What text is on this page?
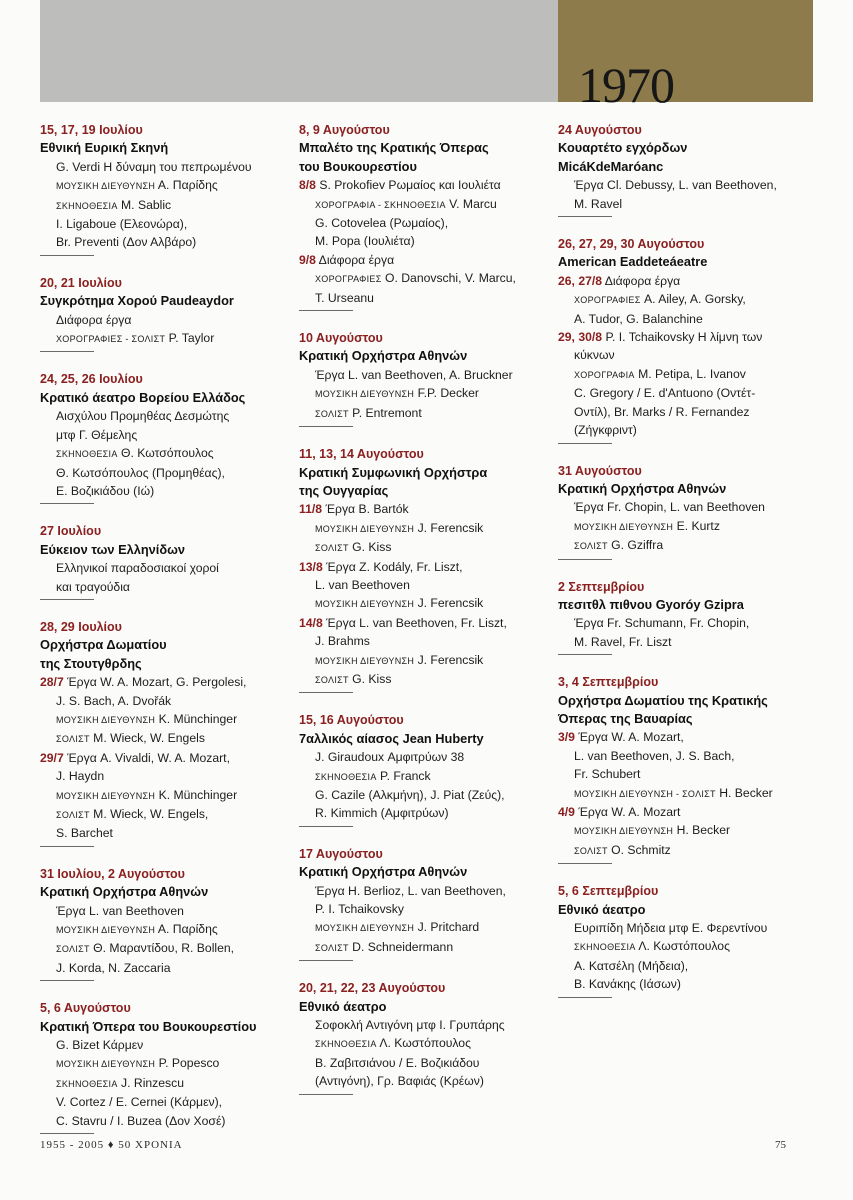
1970
15, 17, 19 Ιουλίου
Εθνική Ευρική Σκηνή
G. Verdi Η δύναμη του πεπρωμένου
ΜΟΥΣΙΚΗ ΔΙΕΥΘΥΝΣΗ Α. Παρίδης
ΣΚΗΝΟΘΕΣΙΑ M. Sablic
I. Ligaboue (Ελεονώρα),
Br. Preventi (Δον Αλβάρο)
20, 21 Ιουλίου
Συγκρότημα Χορού Paudeaydor
Διάφορα έργα
ΧΟΡΟΓΡΑΦΙΕΣ - ΣΟΛΙΣΤ P. Taylor
24, 25, 26 Ιουλίου
Κρατικό άεατρο Βορείου Ελλάδος
Αισχύλου Προμηθέας Δεσμώτης
μτφ Γ. Θέμελης
ΣΚΗΝΟΘΕΣΙΑ Θ. Κωτσόπουλος
Θ. Κωτσόπουλος (Προμηθέας),
Ε. Βοζικιάδου (Ιώ)
27 Ιουλίου
Εύκειον των Ελληνίδων
Ελληνικοί παραδοσιακοί χοροί
και τραγούδια
28, 29 Ιουλίου
Ορχήστρα Δωματίου
της Στουτγθρδης
28/7 Έργα W. A. Mozart, G. Pergolesi,
J. S. Bach, A. Dvořák
ΜΟΥΣΙΚΗ ΔΙΕΥΘΥΝΣΗ K. Münchinger
ΣΟΛΙΣΤ M. Wieck, W. Engels
29/7 Έργα A. Vivaldi, W. A. Mozart,
J. Haydn
ΜΟΥΣΙΚΗ ΔΙΕΥΘΥΝΣΗ K. Münchinger
ΣΟΛΙΣΤ M. Wieck, W. Engels,
S. Barchet
31 Ιουλίου, 2 Αυγούστου
Κρατική Ορχήστρα Αθηνών
Έργα L. van Beethoven
ΜΟΥΣΙΚΗ ΔΙΕΥΘΥΝΣΗ Α. Παρίδης
ΣΟΛΙΣΤ Θ. Μαραντίδου, R. Bollen,
J. Korda, N. Zaccaria
5, 6 Αυγούστου
Κρατική Όπερα του Βουκουρεστίου
G. Bizet Κάρμεν
ΜΟΥΣΙΚΗ ΔΙΕΥΘΥΝΣΗ P. Popesco
ΣΚΗΝΟΘΕΣΙΑ J. Rinzescu
V. Cortez / E. Cernei (Κάρμεν),
C. Stavru / I. Buzea (Δον Χοσέ)
8, 9 Αυγούστου
Μπαλέτο της Κρατικής Όπερας
του Βουκουρεστίου
8/8 S. Prokofiev Ρωμαίος και Ιουλιέτα
ΧΟΡΟΓΡΑΦΙΑ - ΣΚΗΝΟΘΕΣΙΑ V. Marcu
G. Cotovelea (Ρωμαίος),
M. Popa (Ιουλιέτα)
9/8 Διάφορα έργα
ΧΟΡΟΓΡΑΦΙΕΣ O. Danovschi, V. Marcu,
T. Urseanu
10 Αυγούστου
Κρατική Ορχήστρα Αθηνών
Έργα L. van Beethoven, A. Bruckner
ΜΟΥΣΙΚΗ ΔΙΕΥΘΥΝΣΗ F.P. Decker
ΣΟΛΙΣΤ P. Entremont
11, 13, 14 Αυγούστου
Κρατική Συμφωνική Ορχήστρα
της Ουγγαρίας
11/8 Έργα B. Bartók
ΜΟΥΣΙΚΗ ΔΙΕΥΘΥΝΣΗ J. Ferencsik
ΣΟΛΙΣΤ G. Kiss
13/8 Έργα Z. Kodály, Fr. Liszt,
L. van Beethoven
ΜΟΥΣΙΚΗ ΔΙΕΥΘΥΝΣΗ J. Ferencsik
14/8 Έργα L. van Beethoven, Fr. Liszt,
J. Brahms
ΜΟΥΣΙΚΗ ΔΙΕΥΘΥΝΣΗ J. Ferencsik
ΣΟΛΙΣΤ G. Kiss
15, 16 Αυγούστου
7αλλικός αίασος Jean Huberty
J. Giraudoux Αμφιτρύων 38
ΣΚΗΝΟΘΕΣΙΑ P. Franck
G. Cazile (Αλκμήνη), J. Piat (Ζεύς),
R. Kimmich (Αμφιτρύων)
17 Αυγούστου
Κρατική Ορχήστρα Αθηνών
Έργα H. Berlioz, L. van Beethoven,
P. I. Tchaikovsky
ΜΟΥΣΙΚΗ ΔΙΕΥΘΥΝΣΗ J. Pritchard
ΣΟΛΙΣΤ D. Schneidermann
20, 21, 22, 23 Αυγούστου
Εθνικό άεατρο
Σοφοκλή Αντιγόνη μτφ Ι. Γρυπάρης
ΣΚΗΝΟΘΕΣΙΑ Λ. Κωστόπουλος
Β. Ζαβιτσιάνου / Ε. Βοζικιάδου
(Αντιγόνη), Γρ. Βαφιάς (Κρέων)
24 Αυγούστου
Κουαρτέτο εγχόρδων
MicáKdeMaróanc
Έργα Cl. Debussy, L. van Beethoven,
M. Ravel
26, 27, 29, 30 Αυγούστου
American Eaddeteáeatre
26, 27/8 Διάφορα έργα
ΧΟΡΟΓΡΑΦΙΕΣ A. Ailey, A. Gorsky,
A. Tudor, G. Balanchine
29, 30/8 P. I. Tchaikovsky Η λίμνη των
κύκνων
ΧΟΡΟΓΡΑΦΙΑ M. Petipa, L. Ivanov
C. Gregory / E. d'Antuono (Οντέτ-
Οντίλ), Br. Marks / R. Fernandez
(Ζήγκφριντ)
31 Αυγούστου
Κρατική Ορχήστρα Αθηνών
Έργα Fr. Chopin, L. van Beethoven
ΜΟΥΣΙΚΗ ΔΙΕΥΘΥΝΣΗ E. Kurtz
ΣΟΛΙΣΤ G. Gziffra
2 Σεπτεμβρίου
πεσιτθλ πιθνου Gyoróy Gzipra
Έργα Fr. Schumann, Fr. Chopin,
M. Ravel, Fr. Liszt
3, 4 Σεπτεμβρίου
Ορχήστρα Δωματίου της Κρατικής
Όπερας της Βαυαρίας
3/9 Έργα W. A. Mozart,
L. van Beethoven, J. S. Bach,
Fr. Schubert
ΜΟΥΣΙΚΗ ΔΙΕΥΘΥΝΣΗ - ΣΟΛΙΣΤ H. Becker
4/9 Έργα W. A. Mozart
ΜΟΥΣΙΚΗ ΔΙΕΥΘΥΝΣΗ H. Becker
ΣΟΛΙΣΤ O. Schmitz
5, 6 Σεπτεμβρίου
Εθνικό άεατρο
Ευριπίδη Μήδεια μτφ Ε. Φερεντίνου
ΣΚΗΝΟΘΕΣΙΑ Λ. Κωστόπουλος
Α. Κατσέλη (Μήδεια),
Β. Κανάκης (Ιάσων)
1955 - 2005 ♦ 50 ΧΡΟΝΙΑ	75
